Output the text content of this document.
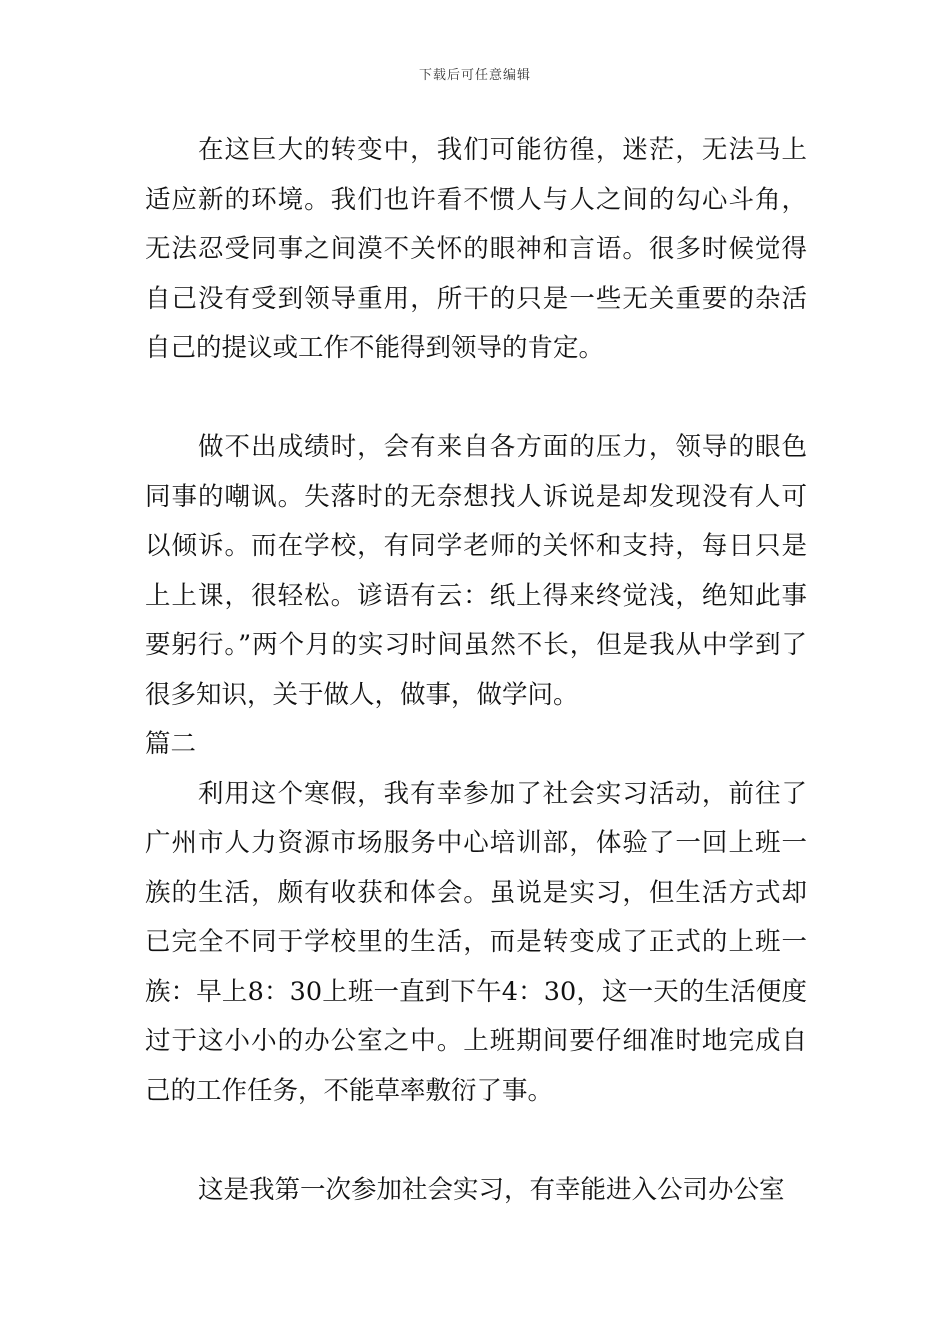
下载后可任意编辑

在这巨大的转变中，我们可能彷徨，迷茫，无法马上适应新的环境。我们也许看不惯人与人之间的勾心斗角，无法忍受同事之间漠不关怀的眼神和言语。很多时候觉得自己没有受到领导重用，所干的只是一些无关重要的杂活自己的提议或工作不能得到领导的肯定。

做不出成绩时，会有来自各方面的压力，领导的眼色同事的嘲讽。失落时的无奈想找人诉说是却发现没有人可以倾诉。而在学校，有同学老师的关怀和支持，每日只是上上课，很轻松。谚语有云：纸上得来终觉浅，绝知此事要躬行。”两个月的实习时间虽然不长，但是我从中学到了很多知识，关于做人，做事，做学问。

篇二

利用这个寒假，我有幸参加了社会实习活动，前往了广州市人力资源市场服务中心培训部，体验了一回上班一族的生活，颇有收获和体会。虽说是实习，但生活方式却已完全不同于学校里的生活，而是转变成了正式的上班一族：早上8：30上班一直到下午4：30，这一天的生活便度过于这小小的办公室之中。上班期间要仔细准时地完成自己的工作任务，不能草率敷衍了事。

这是我第一次参加社会实习，有幸能进入公司办公室
